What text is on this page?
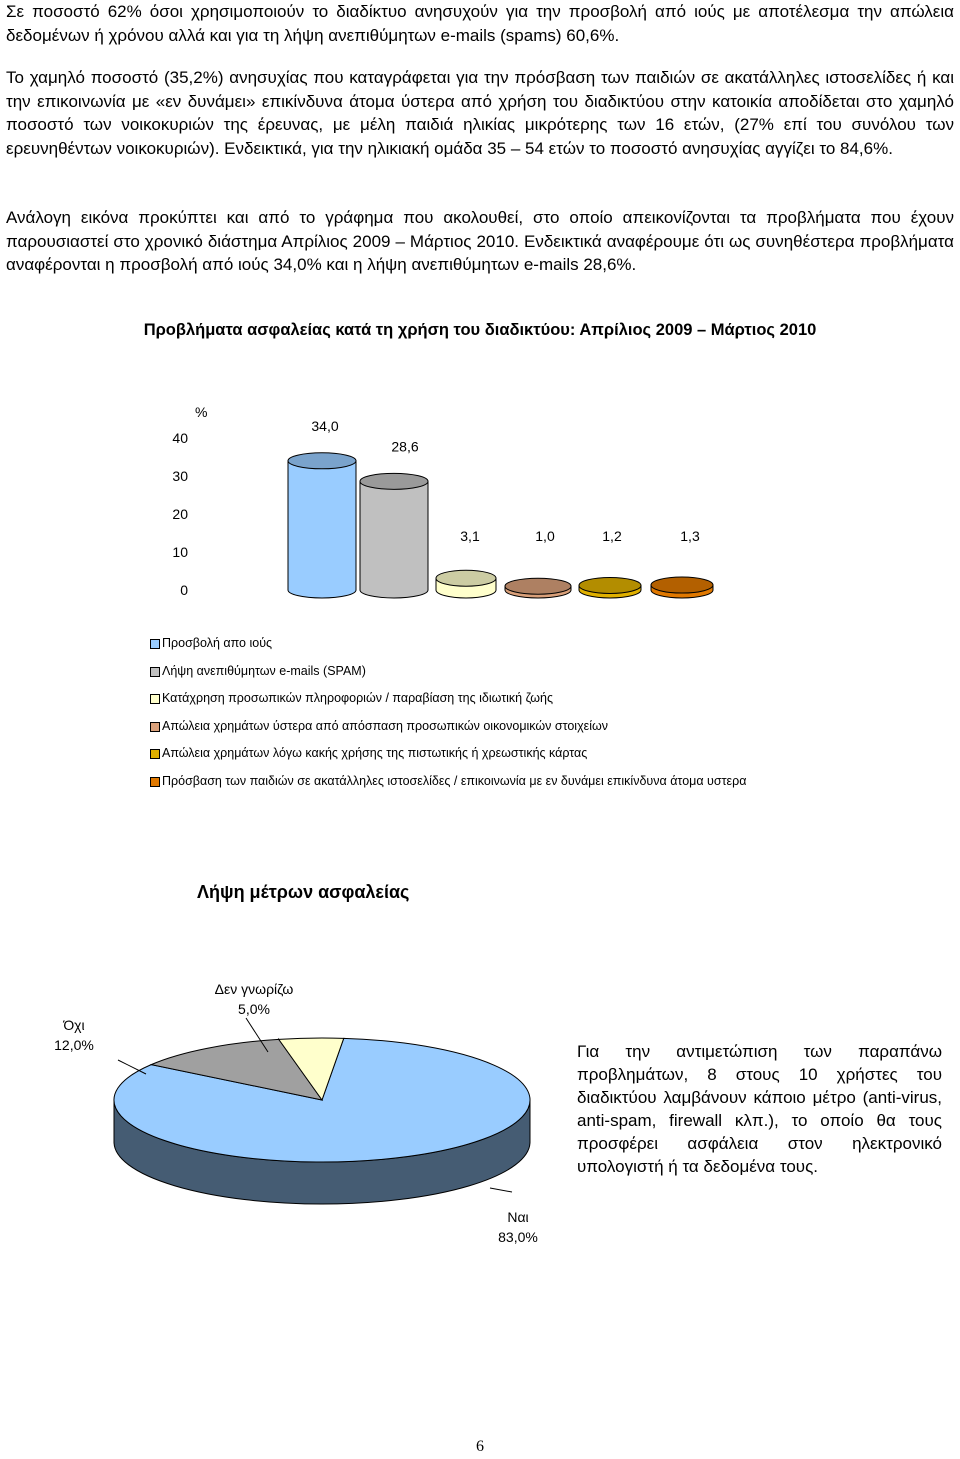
Σε ποσοστό 62% όσοι χρησιμοποιούν το διαδίκτυο ανησυχούν για την προσβολή από ιούς με αποτέλεσμα την απώλεια δεδομένων ή χρόνου αλλά και για τη λήψη ανεπιθύμητων e-mails (spams) 60,6%.

Το χαμηλό ποσοστό (35,2%) ανησυχίας που καταγράφεται για την πρόσβαση των παιδιών σε ακατάλληλες ιστοσελίδες ή και την επικοινωνία με «εν δυνάμει» επικίνδυνα άτομα ύστερα από χρήση του διαδικτύου στην κατοικία αποδίδεται στο χαμηλό ποσοστό των νοικοκυριών της έρευνας, με μέλη παιδιά ηλικίας μικρότερης των 16 ετών, (27% επί του συνόλου των ερευνηθέντων νοικοκυριών). Ενδεικτικά, για την ηλικιακή ομάδα 35 – 54 ετών το ποσοστό ανησυχίας αγγίζει το 84,6%.

Ανάλογη εικόνα προκύπτει και από το γράφημα που ακολουθεί, στο οποίο απεικονίζονται τα προβλήματα που έχουν παρουσιαστεί στο χρονικό διάστημα Απρίλιος 2009 – Μάρτιος 2010. Ενδεικτικά αναφέρουμε ότι ως συνηθέστερα προβλήματα αναφέρονται η προσβολή από ιούς 34,0% και η λήψη ανεπιθύμητων e-mails 28,6%.

Προβλήματα ασφαλείας κατά τη χρήση του διαδικτύου: Απρίλιος 2009 – Μάρτιος 2010
0
10
20
30
40
%
34,0
28,6
3,1	1,0	1,2	1,3
Προσβολή απο ιούς
Λήψη ανεπιθύμητων e-mails (SPAM)
Κατάχρηση προσωπικών πληροφοριών / παραβίαση της ιδιωτική ζωής
Απώλεια χρημάτων ύστερα από απόσπαση προσωπικών οικονομικών στοιχείων
Απώλεια χρημάτων λόγω κακής χρήσης της πιστωτικής ή χρεωστικής κάρτας
Πρόσβαση των παιδιών σε ακατάλληλες ιστοσελίδες / επικοινωνία με εν δυνάμει επικίνδυνα άτομα υστερα
Λήψη μέτρων ασφαλείας
Ναι
83,0%
Όχι
12,0%
Δεν γνωρίζω
5,0%

Για την αντιμετώπιση των παραπάνω προβλημάτων, 8 στους 10 χρήστες του διαδικτύου λαμβάνουν κάποιο μέτρο (anti-virus, anti-spam, firewall κλπ.), το οποίο θα τους προσφέρει ασφάλεια στον ηλεκτρονικό υπολογιστή ή τα δεδομένα τους.

6
